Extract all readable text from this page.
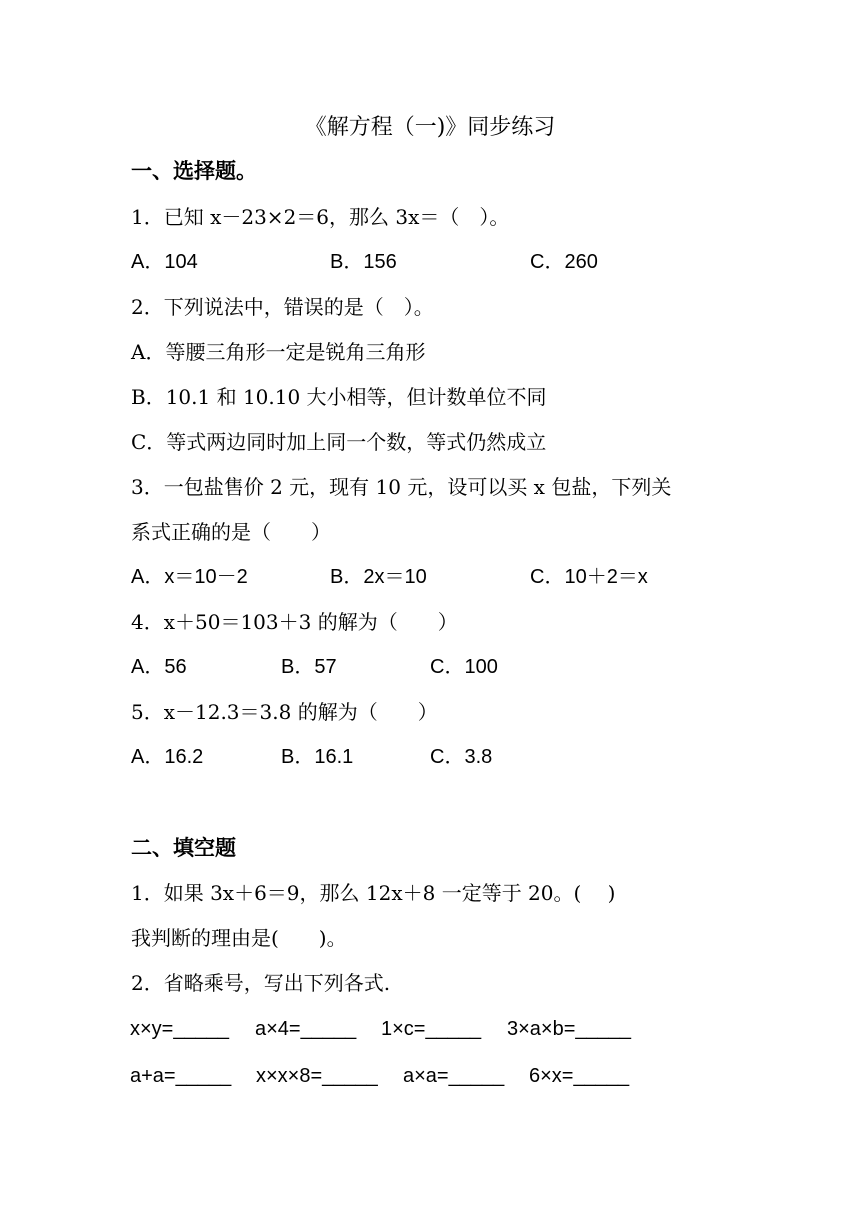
《解方程（一)》同步练习
一、选择题。
1．已知 x－23×2＝6，那么 3x＝（　）。
A．104	B．156	C．260
2．下列说法中，错误的是（　）。
A．等腰三角形一定是锐角三角形
B．10.1 和 10.10 大小相等，但计数单位不同
C．等式两边同时加上同一个数，等式仍然成立
3．一包盐售价 2 元，现有 10 元，设可以买 x 包盐，下列关
系式正确的是（　　）
A．x＝10－2	B．2x＝10	C．10＋2＝x
4．x＋50＝103＋3 的解为（　　）
A．56	B．57	C．100
5．x－12.3＝3.8 的解为（　　）
A．16.2	B．16.1	C．3.8
二、填空题
1．如果 3x＋6＝9，那么 12x＋8 一定等于 20。(　 )
我判断的理由是(　　)。
2．省略乘号，写出下列各式.
x×y=_____ a×4=_____ 1×c=_____ 3×a×b=_____
a+a=_____ x×x×8=_____ a×a=_____ 6×x=_____
